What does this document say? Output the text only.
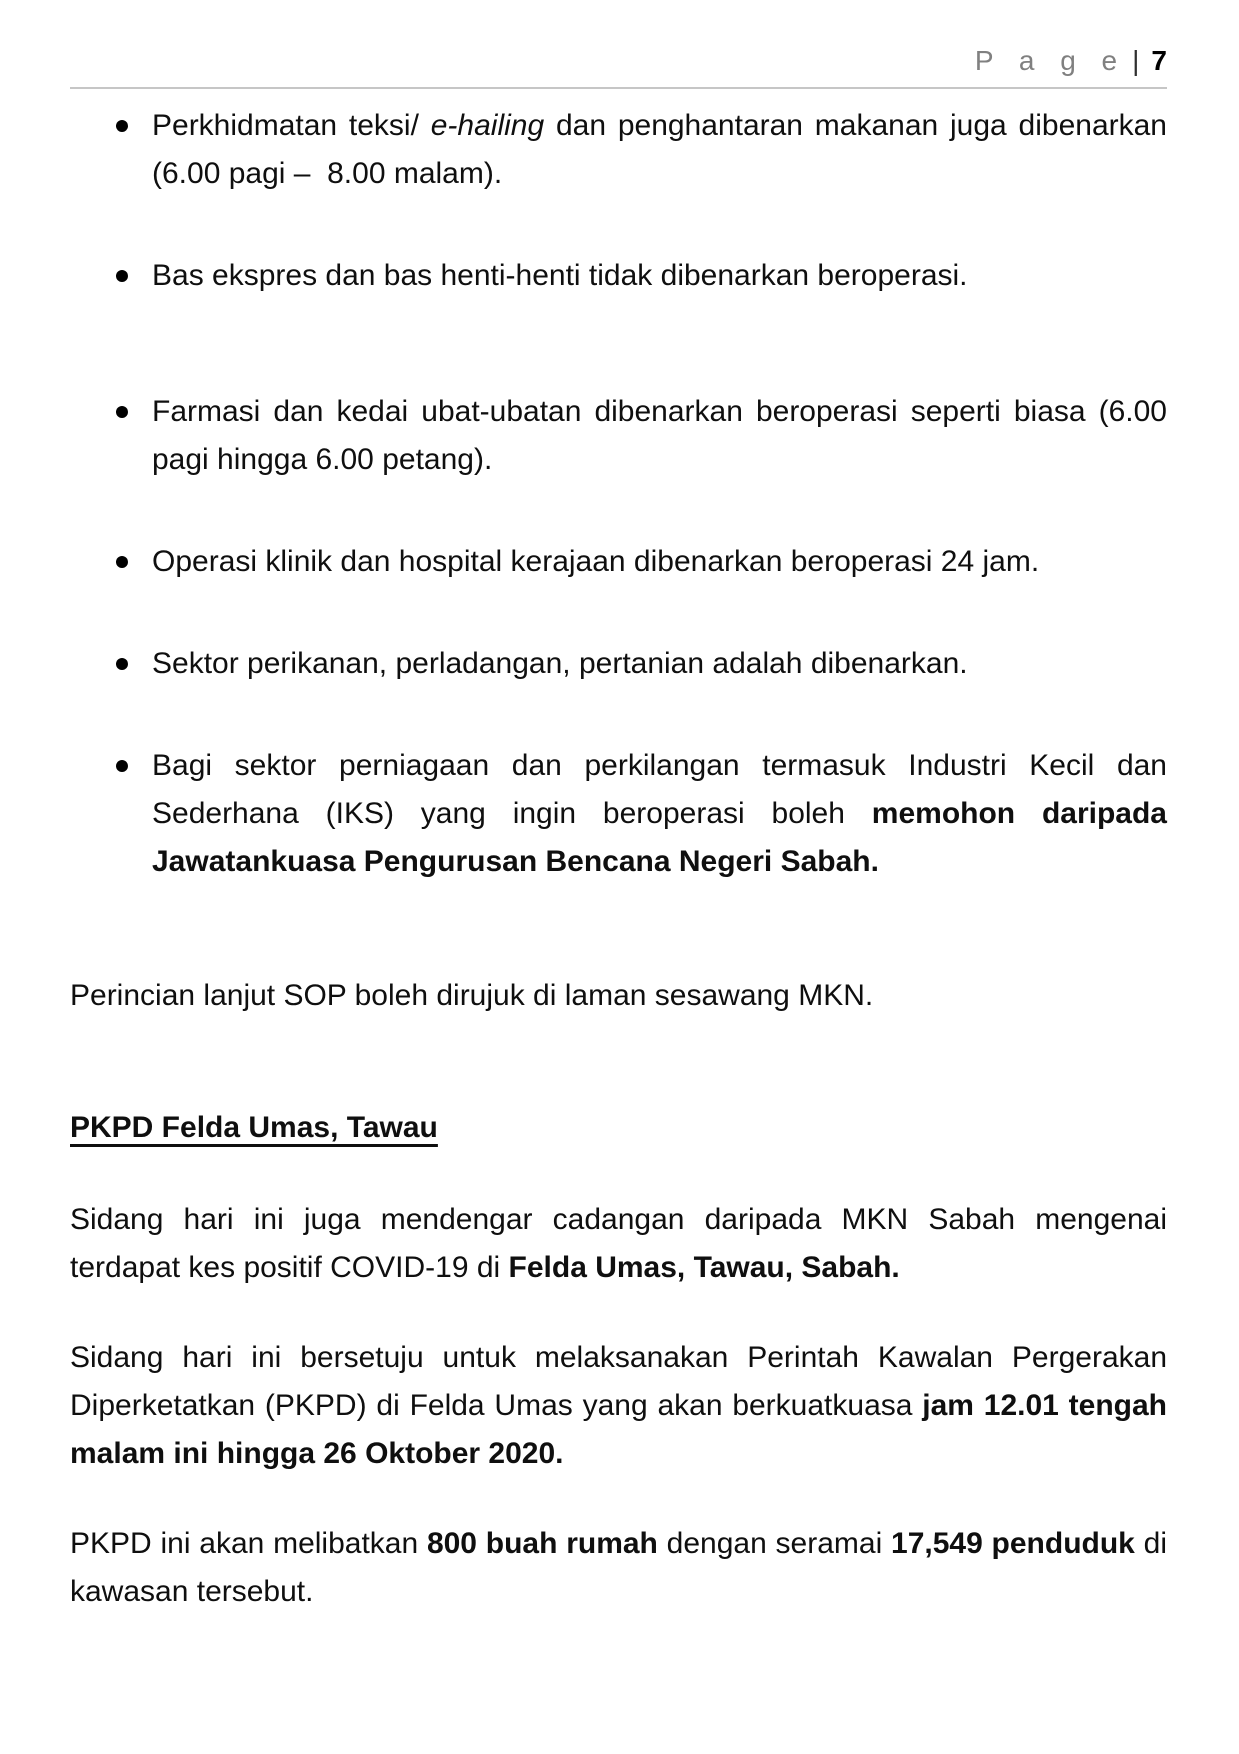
P a g e | 7
Perkhidmatan teksi/ e-hailing dan penghantaran makanan juga dibenarkan (6.00 pagi –  8.00 malam).
Bas ekspres dan bas henti-henti tidak dibenarkan beroperasi.
Farmasi dan kedai ubat-ubatan dibenarkan beroperasi seperti biasa (6.00 pagi hingga 6.00 petang).
Operasi klinik dan hospital kerajaan dibenarkan beroperasi 24 jam.
Sektor perikanan, perladangan, pertanian adalah dibenarkan.
Bagi sektor perniagaan dan perkilangan termasuk Industri Kecil dan Sederhana (IKS) yang ingin beroperasi boleh memohon daripada Jawatankuasa Pengurusan Bencana Negeri Sabah.

Perincian lanjut SOP boleh dirujuk di laman sesawang MKN.

PKPD Felda Umas, Tawau

Sidang hari ini juga mendengar cadangan daripada MKN Sabah mengenai terdapat kes positif COVID-19 di Felda Umas, Tawau, Sabah.

Sidang hari ini bersetuju untuk melaksanakan Perintah Kawalan Pergerakan Diperketatkan (PKPD) di Felda Umas yang akan berkuatkuasa jam 12.01 tengah malam ini hingga 26 Oktober 2020.

PKPD ini akan melibatkan 800 buah rumah dengan seramai 17,549 penduduk di kawasan tersebut.
